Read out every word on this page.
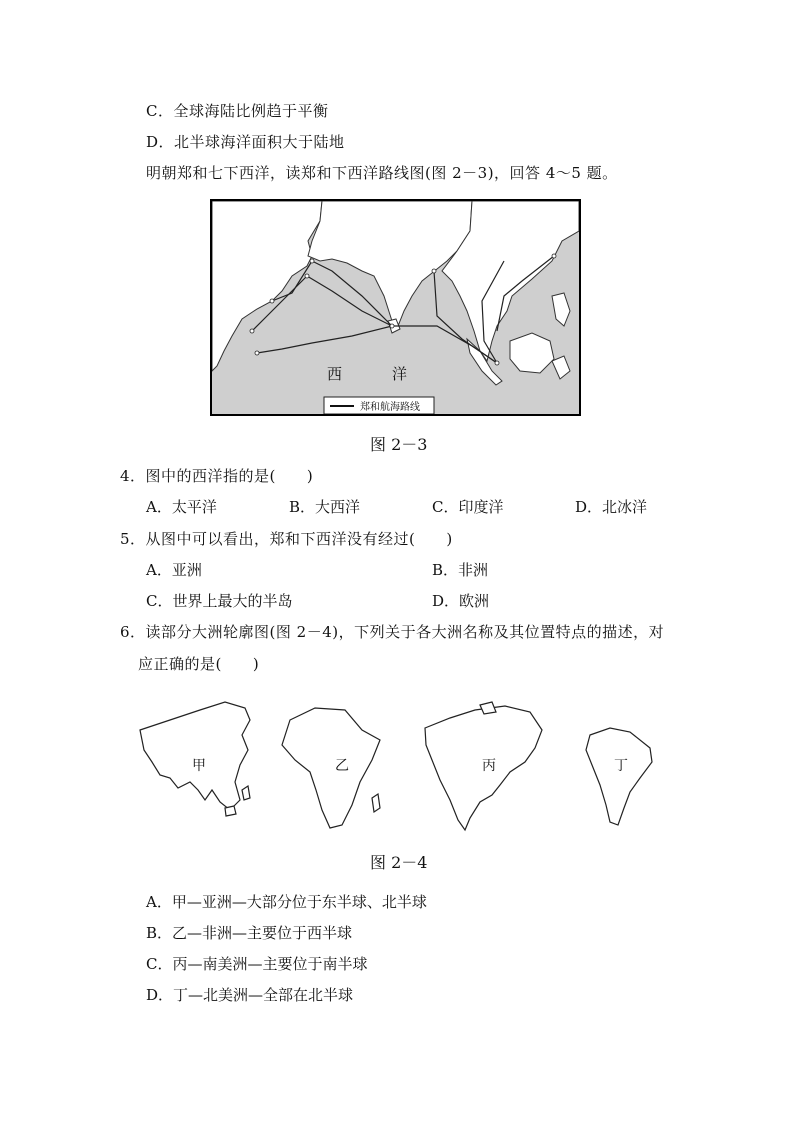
C．全球海陆比例趋于平衡
D．北半球海洋面积大于陆地
明朝郑和七下西洋，读郑和下西洋路线图(图 2－3)，回答 4～5 题。
西	洋
郑和航海路线
图 2－3
4．图中的西洋指的是(　　)
A．太平洋	B．大西洋	C．印度洋	D．北冰洋
5．从图中可以看出，郑和下西洋没有经过(　　)
A．亚洲	B．非洲
C．世界上最大的半岛	D．欧洲
6．读部分大洲轮廓图(图 2－4)，下列关于各大洲名称及其位置特点的描述，对
应正确的是(　　)
甲	乙	丙	丁
图 2－4
A．甲—亚洲—大部分位于东半球、北半球
B．乙—非洲—主要位于西半球
C．丙—南美洲—主要位于南半球
D．丁—北美洲—全部在北半球
